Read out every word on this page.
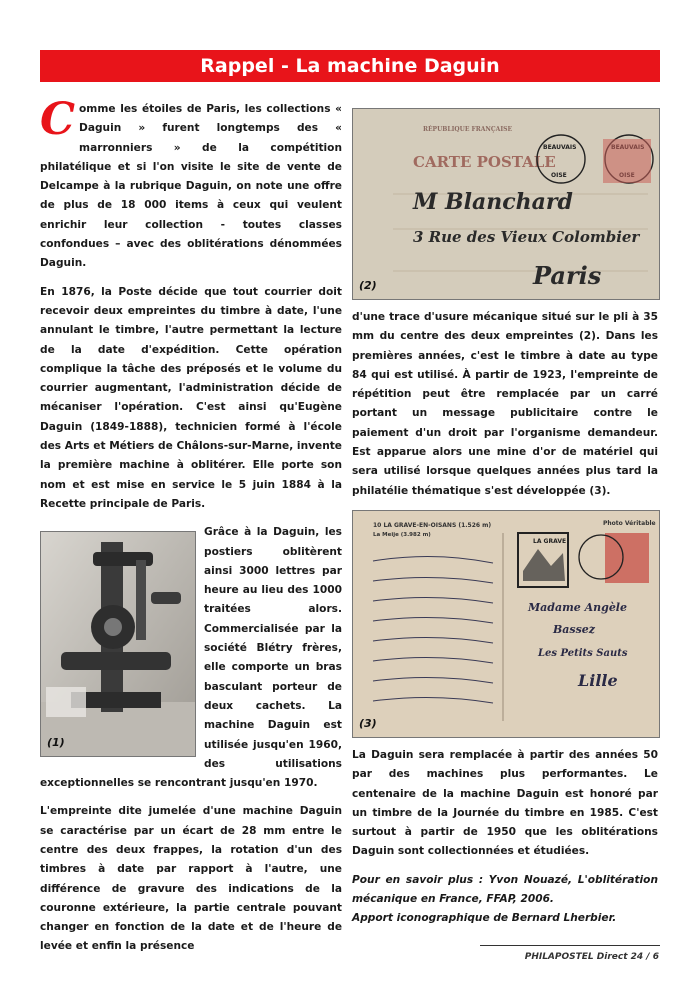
Rappel - La machine Daguin

C omme les étoiles de Paris, les collections « Daguin » furent longtemps des « marronniers » de la compétition philatélique et si l'on visite le site de vente de Delcampe à la rubrique Daguin, on note une offre de plus de 18 000 items à ceux qui veulent enrichir leur collection - toutes classes confondues – avec des oblitérations dénommées Daguin.

En 1876, la Poste décide que tout courrier doit recevoir deux empreintes du timbre à date, l'une annulant le timbre, l'autre permettant la lecture de la date d'expédition. Cette opération complique la tâche des préposés et le volume du courrier augmentant, l'administration décide de mécaniser l'opération. C'est ainsi qu'Eugène Daguin (1849-1888), technicien formé à l'école des Arts et Métiers de Châlons-sur-Marne, invente la première machine à oblitérer. Elle porte son nom et est mise en service le 5 juin 1884 à la Recette principale de Paris.

(1)

Grâce à la Daguin, les postiers oblitèrent ainsi 3000 lettres par heure au lieu des 1000 traitées alors. Commercialisée par la société Blétry frères, elle comporte un bras basculant porteur de deux cachets. La machine Daguin est utilisée jusqu'en 1960, des utilisations exceptionnelles se rencontrant jusqu'en 1970.

L'empreinte dite jumelée d'une machine Daguin se caractérise par un écart de 28 mm entre le centre des deux frappes, la rotation d'un des timbres à date par rapport à l'autre, une différence de gravure des indications de la couronne extérieure, la partie centrale pouvant changer en fonction de la date et de l'heure de levée et enfin la présence

RÉPUBLIQUE FRANÇAISE
CARTE POSTALE
BEAUVAIS
OISE
M Blanchard
3 Rue des Vieux Colombier
Paris
(2)

d'une trace d'usure mécanique situé sur le pli à 35 mm du centre des deux empreintes (2). Dans les premières années, c'est le timbre à date au type 84 qui est utilisé. À partir de 1923, l'empreinte de répétition peut être remplacée par un carré portant un message publicitaire contre le paiement d'un droit par l'organisme demandeur. Est apparue alors une mine d'or de matériel qui sera utilisé lorsque quelques années plus tard la philatélie thématique s'est développée (3).

10 LA GRAVE-EN-OISANS (1.526 m)
La Meije (3.982 m)
Photo Véritable
LA GRAVE
Madame Angèle
Bassez
Les Petits Sauts
Lille
(3)

La Daguin sera remplacée à partir des années 50 par des machines plus performantes. Le centenaire de la machine Daguin est honoré par un timbre de la Journée du timbre en 1985. C'est surtout à partir de 1950 que les oblitérations Daguin sont collectionnées et étudiées.

Pour en savoir plus : Yvon Nouazé, L'oblitération mécanique en France, FFAP, 2006.

Apport iconographique de Bernard Lherbier.

PHILAPOSTEL Direct 24 / 6
